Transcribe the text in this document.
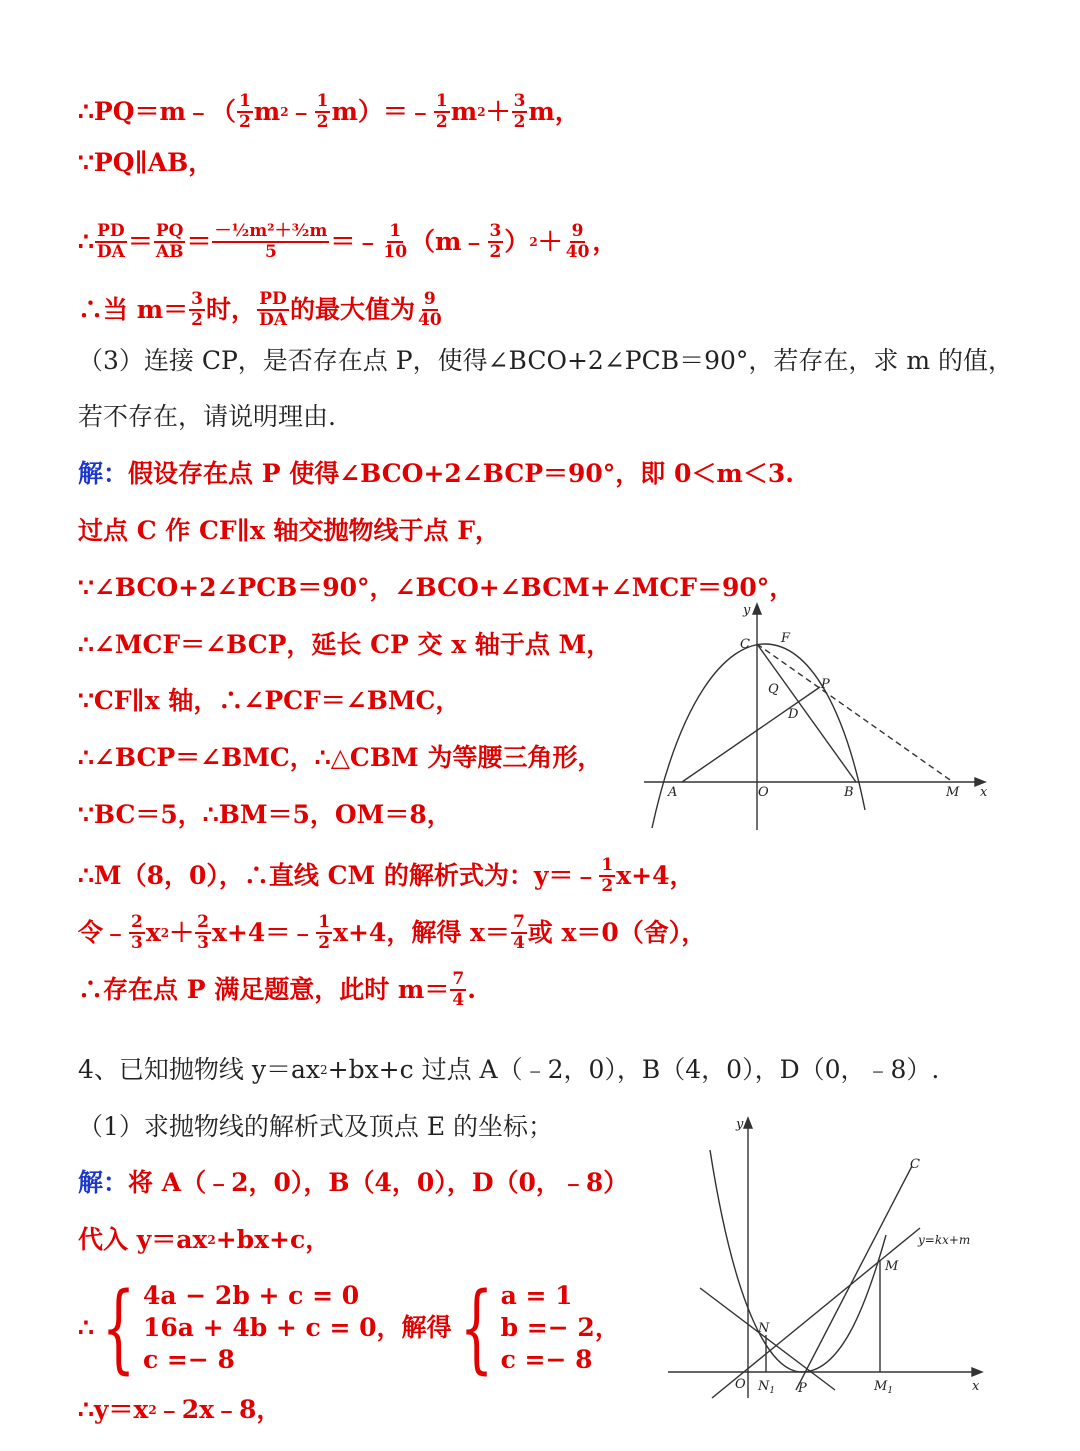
∴PQ＝m﹣（ $\frac{1}{2}$ m 2 ﹣ $\frac{1}{2}$ m）＝﹣ $\frac{1}{2}$ m $2 + \frac{3}{2}$ m，
∵PQ∥AB，
∴ $\frac{PD}{DA} = \frac{PQ}{AB} = \frac{\text{－½m²＋³⁄₂m}}{5}$ ＝﹣ $\frac{1}{10}$ （m﹣ $\frac{3}{2}$ ） $2 + \frac{9}{40}$ ，
∴当 $m= \frac{3}{2}$ 时， $\frac{PD}{DA}$ 的最大值为 $\frac{9}{40}$
（3）连接 CP，是否存在点 P，使得∠BCO+2∠PCB＝90°，若存在，求 m 的值，
若不存在，请说明理由.
解： 假设存在点 P 使得∠BCO+2∠BCP＝90°，即 0＜m＜3.
过点 C 作 CF∥x 轴交抛物线于点 F，
∵∠BCO+2∠PCB＝90°，∠BCO+∠BCM+∠MCF＝90°，
∴∠MCF＝∠BCP，延长 CP 交 x 轴于点 M，
∵CF∥x 轴，∴∠PCF＝∠BMC，
∴∠BCP＝∠BMC，∴△CBM 为等腰三角形，
∵BC＝5，∴BM＝5，OM＝8，
∴M（8，0），∴直线 CM 的解析式为：y＝﹣ $\frac{1}{2} x+4$，
令﹣ $\frac{2}{3}$ x $2 + \frac{2}{3}$ x+4＝﹣ $\frac{1}{2} x+4$，解得 $x= \frac{7}{4}$ 或 x＝0（舍），
∴存在点 P 满足题意，此时 $m= \frac{7}{4}$ .
4、已知抛物线 y＝ax 2 +bx+c 过点 A（﹣2，0），B（4，0），D（0，﹣8）.
（1）求抛物线的解析式及顶点 E 的坐标；
解： 将 A（﹣2，0），B（4，0），D（0，﹣8）
代入 y＝ax 2 +bx+c，
∴ { 4a − 2b + c = 0
16a + 4b + c = 0
c =− 8
，解得 { a = 1
b =− 2
c =− 8
，
∴y＝x 2 ﹣2x﹣8，
y
C F
Q	P
D
A	O	B	M x
y
C
y=kx+m
M
N
O $N_1$ P	$M_1$	x
